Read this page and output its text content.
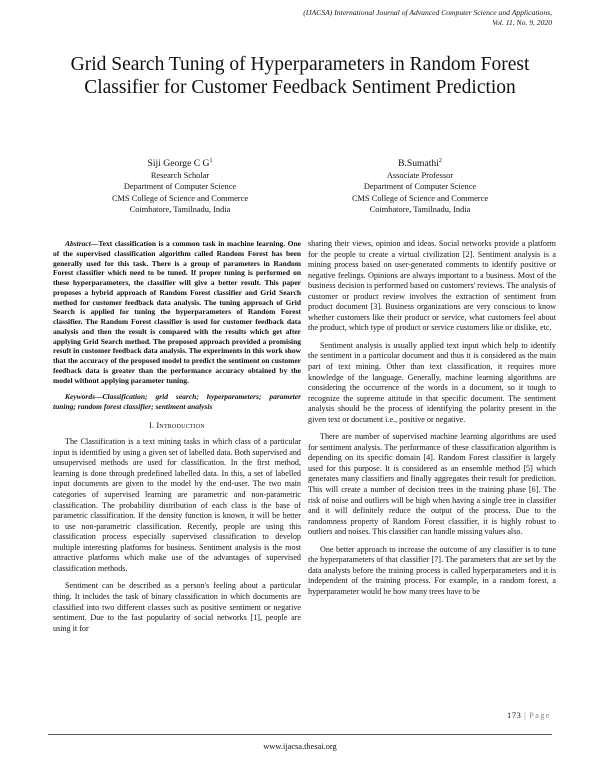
(IJACSA) International Journal of Advanced Computer Science and Applications,
Vol. 11, No. 9, 2020
Grid Search Tuning of Hyperparameters in Random Forest Classifier for Customer Feedback Sentiment Prediction
Siji George C $G^1$
Research Scholar
Department of Computer Science
CMS College of Science and Commerce
Coimbatore, Tamilnadu, India
B.Sumathi$^2$
Associate Professor
Department of Computer Science
CMS College of Science and Commerce
Coimbatore, Tamilnadu, India

Abstract—Text classification is a common task in machine learning. One of the supervised classification algorithm called Random Forest has been generally used for this task. There is a group of parameters in Random Forest classifier which need to be tuned. If proper tuning is performed on these hyperparameters, the classifier will give a better result. This paper proposes a hybrid approach of Random Forest classifier and Grid Search method for customer feedback data analysis. The tuning approach of Grid Search is applied for tuning the hyperparameters of Random Forest classifier. The Random Forest classifier is used for customer feedback data analysis and then the result is compared with the results which get after applying Grid Search method. The proposed approach provided a promising result in customer feedback data analysis. The experiments in this work show that the accuracy of the proposed model to predict the sentiment on customer feedback data is greater than the performance accuracy obtained by the model without applying parameter tuning.

Keywords—Classification; grid search; hyperparameters; parameter tuning; random forest classifier; sentiment analysis

I. Introduction

The Classification is a text mining tasks in which class of a particular input is identified by using a given set of labelled data. Both supervised and unsupervised methods are used for classification. In the first method, learning is done through predefined labelled data. In this, a set of labelled input documents are given to the model by the end-user. The two main categories of supervised learning are parametric and non-parametric classification. The probability distribution of each class is the base of parametric classification. If the density function is known, it will be better to use non-parametric classification. Recently, people are using this classification process especially supervised classification to develop multiple interesting platforms for business. Sentiment analysis is the most attractive platforms which make use of the advantages of supervised classification methods.

Sentiment can be described as a person's feeling about a particular thing. It includes the task of binary classification in which documents are classified into two different classes such as positive sentiment or negative sentiment. Due to the fast popularity of social networks [1], people are using it for

sharing their views, opinion and ideas. Social networks provide a platform for the people to create a virtual civilization [2]. Sentiment analysis is a mining process based on user-generated comments to identify positive or negative feelings. Opinions are always important to a business. Most of the business decision is performed based on customers' reviews. The analysis of customer or product review involves the extraction of sentiment from product document [3]. Business organizations are very conscious to know whether customers like their product or service, what customers feel about the product, which type of product or service customers like or dislike, etc.

Sentiment analysis is usually applied text input which help to identify the sentiment in a particular document and thus it is considered as the main part of text mining. Other than text classification, it requires more knowledge of the language. Generally, machine learning algorithms are considering the occurrence of the words in a document, so it tough to recognize the supreme attitude in that specific document. The sentiment analysis should be the process of identifying the polarity present in the given text or document i.e., positive or negative.

There are number of supervised machine learning algorithms are used for sentiment analysis. The performance of these classification algorithm is depending on its specific domain [4]. Random Forest classifier is largely used for this purpose. It is considered as an ensemble method [5] which generates many classifiers and finally aggregates their result for prediction. This will create a number of decision trees in the training phase [6]. The risk of noise and outliers will be high when having a single tree in classifier and it will definitely reduce the output of the process. Due to the randomness property of Random Forest classifier, it is highly robust to outliers and noises. This classifier can handle missing values also.

One better approach to increase the outcome of any classifier is to tune the hyperparameters of that classifier [7]. The parameters that are set by the data analysts before the training process is called hyperparameters and it is independent of the training process. For example, in a random forest, a hyperparameter would be how many trees have to be

173 | Page
www.ijacsa.thesai.org
